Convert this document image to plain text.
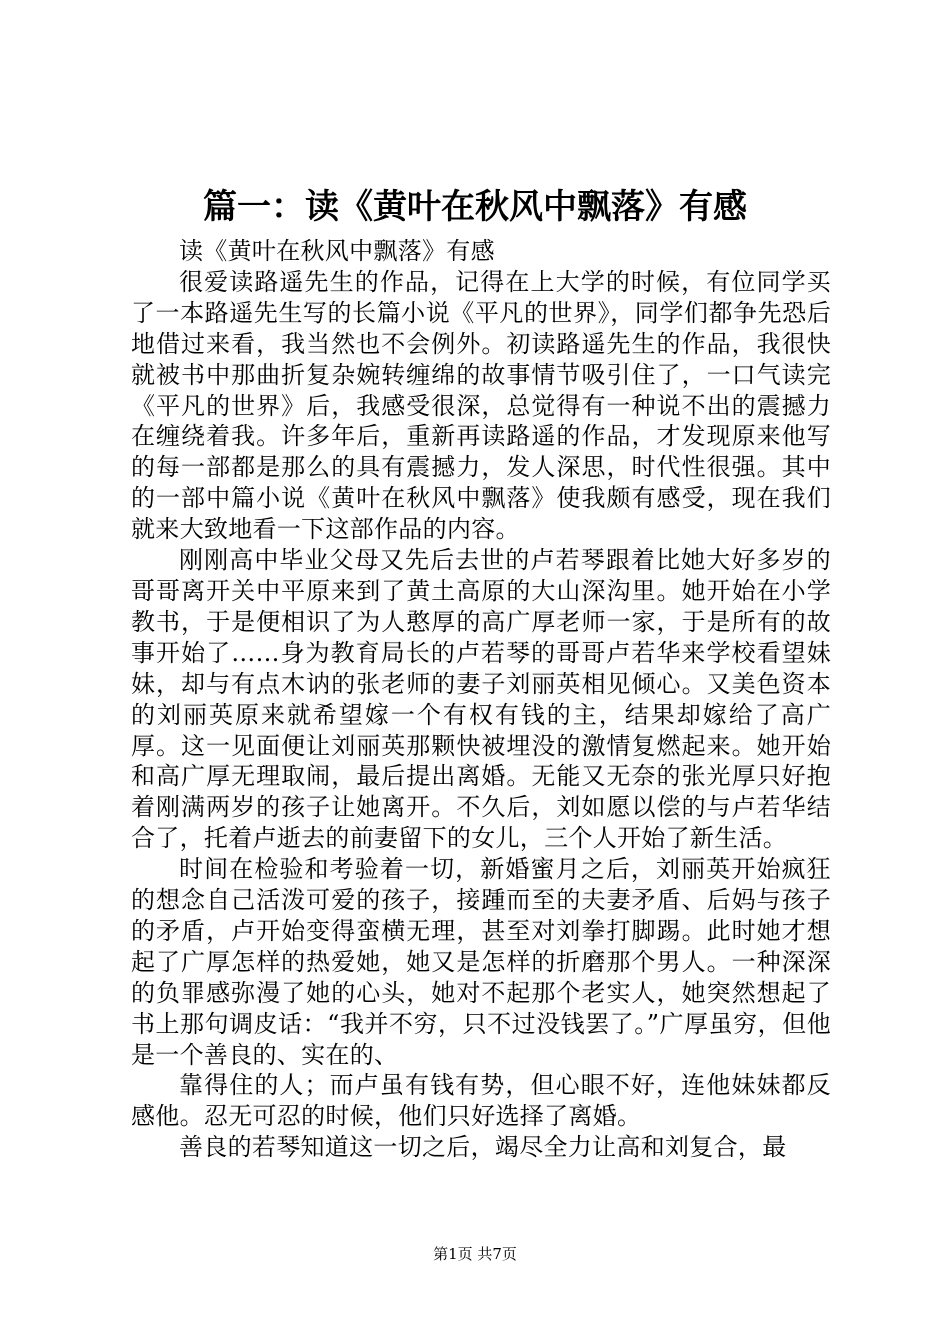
篇一：读《黄叶在秋风中飘落》有感

读《黄叶在秋风中飘落》有感

很爱读路遥先生的作品，记得在上大学的时候，有位同学买了一本路遥先生写的长篇小说《平凡的世界》，同学们都争先恐后地借过来看，我当然也不会例外。初读路遥先生的作品，我很快就被书中那曲折复杂婉转缠绵的故事情节吸引住了，一口气读完《平凡的世界》后，我感受很深，总觉得有一种说不出的震撼力在缠绕着我。许多年后，重新再读路遥的作品，才发现原来他写的每一部都是那么的具有震撼力，发人深思，时代性很强。其中的一部中篇小说《黄叶在秋风中飘落》使我颇有感受，现在我们就来大致地看一下这部作品的内容。

刚刚高中毕业父母又先后去世的卢若琴跟着比她大好多岁的哥哥离开关中平原来到了黄土高原的大山深沟里。她开始在小学教书，于是便相识了为人憨厚的高广厚老师一家，于是所有的故事开始了……身为教育局长的卢若琴的哥哥卢若华来学校看望妹妹，却与有点木讷的张老师的妻子刘丽英相见倾心。又美色资本的刘丽英原来就希望嫁一个有权有钱的主，结果却嫁给了高广厚。这一见面便让刘丽英那颗快被埋没的激情复燃起来。她开始和高广厚无理取闹，最后提出离婚。无能又无奈的张光厚只好抱着刚满两岁的孩子让她离开。不久后，刘如愿以偿的与卢若华结合了，托着卢逝去的前妻留下的女儿，三个人开始了新生活。

时间在检验和考验着一切，新婚蜜月之后，刘丽英开始疯狂的想念自己活泼可爱的孩子，接踵而至的夫妻矛盾、后妈与孩子的矛盾，卢开始变得蛮横无理，甚至对刘拳打脚踢。此时她才想起了广厚怎样的热爱她，她又是怎样的折磨那个男人。一种深深的负罪感弥漫了她的心头，她对不起那个老实人，她突然想起了书上那句调皮话：“我并不穷，只不过没钱罢了。”广厚虽穷，但他是一个善良的、实在的、

靠得住的人；而卢虽有钱有势，但心眼不好，连他妹妹都反感他。忍无可忍的时候，他们只好选择了离婚。

善良的若琴知道这一切之后，竭尽全力让高和刘复合，最

第1页 共7页
